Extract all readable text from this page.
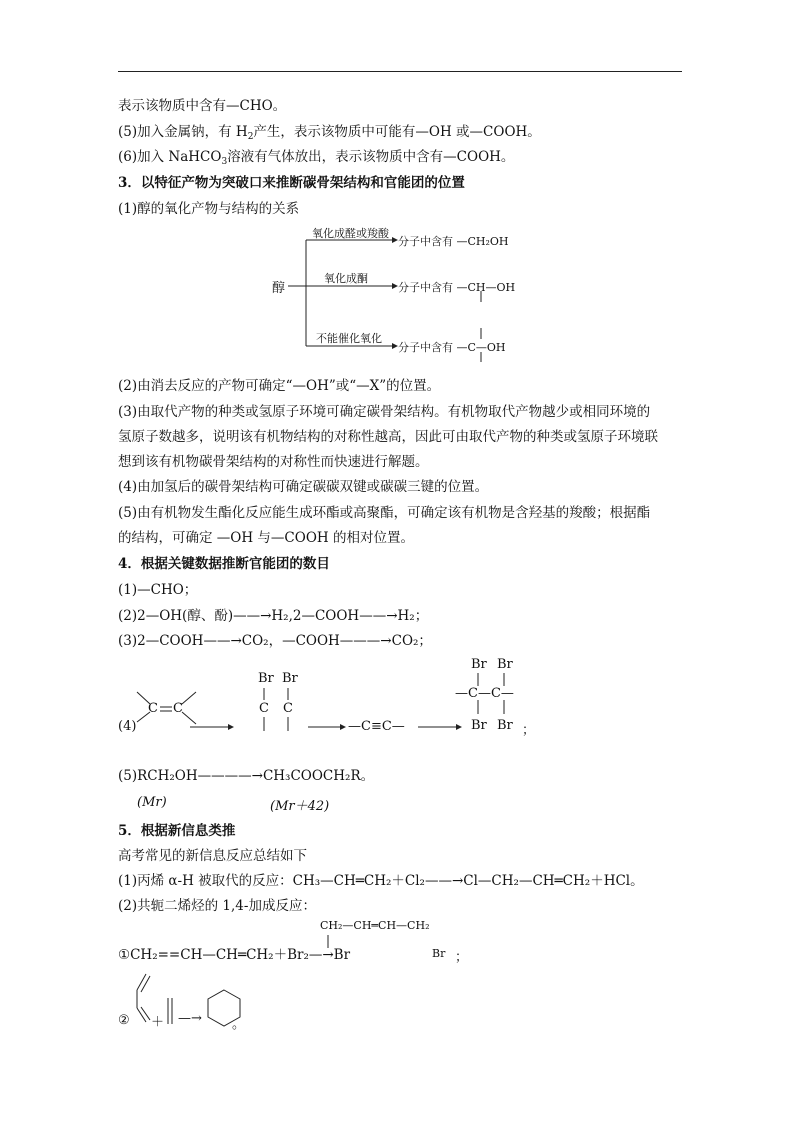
表示该物质中含有—CHO。
(5)加入金属钠，有 $H_2$产生，表示该物质中可能有—OH 或—COOH。
(6)加入 NaHCO$_3$溶液有气体放出，表示该物质中含有—COOH。
3．以特征产物为突破口来推断碳骨架结构和官能团的位置
(1)醇的氧化产物与结构的关系
醇
氧化成醛或羧酸
分子中含有 —CH₂OH
氧化成酮
分子中含有 —CH—OH
不能催化氧化
分子中含有 —C—OH
(2)由消去反应的产物可确定“—OH”或“—X”的位置。
(3)由取代产物的种类或氢原子环境可确定碳骨架结构。有机物取代产物越少或相同环境的
氢原子数越多，说明该有机物结构的对称性越高，因此可由取代产物的种类或氢原子环境联
想到该有机物碳骨架结构的对称性而快速进行解题。
(4)由加氢后的碳骨架结构可确定碳碳双键或碳碳三键的位置。
(5)由有机物发生酯化反应能生成环酯或高聚酯，可确定该有机物是含羟基的羧酸；根据酯
的结构，可确定 —OH 与—COOH 的相对位置。
4．根据关键数据推断官能团的数目
(1)—CHO；
(2)2—OH(醇、酚)——→H₂,2—COOH——→H₂；
(3)2—COOH——→CO₂，—COOH———→CO₂；
(4)
C C
Br Br
C C
—C≡C—
Br Br
—C—C—
Br Br ；
(5)RCH₂OH————→CH₃COOCH₂R。
(Mr)	(Mr＋42)
5．根据新信息类推
高考常见的新信息反应总结如下
(1)丙烯 α-H 被取代的反应：CH₃—CH═CH₂＋Cl₂——→Cl—CH₂—CH═CH₂＋HCl。
(2)共轭二烯烃的 1,4-加成反应：
CH₂—CH═CH—CH₂
①CH₂==CH—CH═CH₂＋Br₂—→Br	Br ；
② ＋ —→ 。
